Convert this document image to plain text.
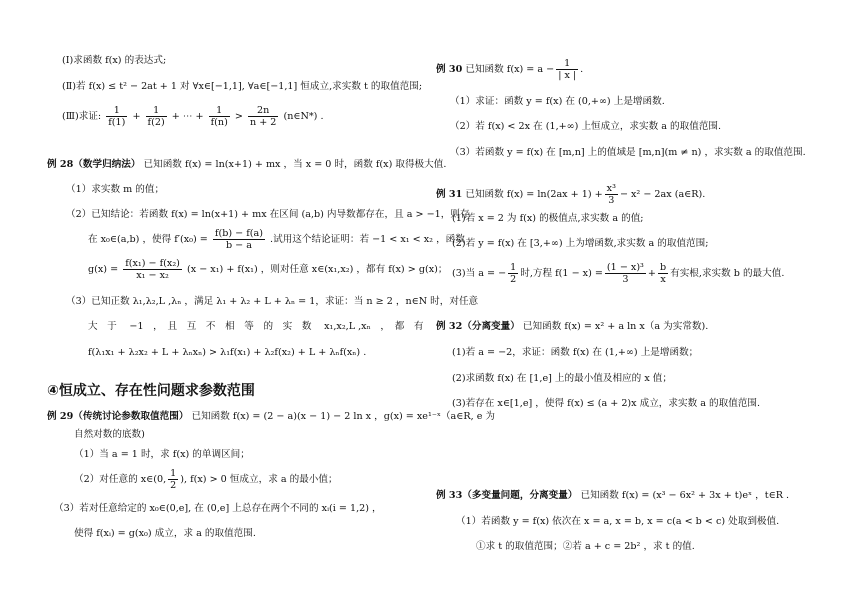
(Ⅰ)求函数 f(x) 的表达式;
(Ⅱ)若 f(x) ≤ t² − 2at + 1 对 ∀x∈[−1,1], ∀a∈[−1,1] 恒成立,求实数 t 的取值范围;
(Ⅲ)求证: $\frac{1}{f(1)} + \frac{1}{f(2)}$ + ⋯ + $\frac{1}{f(n)} > \frac{2n}{n + 2}$ (n∈N*) .
例 28（数学归纳法） 已知函数 f(x) = ln(x+1) + mx ，当 x = 0 时，函数 f(x) 取得极大值.
（1）求实数 m 的值；
（2）已知结论：若函数 f(x) = ln(x+1) + mx 在区间 (a,b) 内导数都存在，且 a > −1，则存
在 x₀∈(a,b) ，使得 $f'(x_0) = \frac{f(b) - f(a)}{b - a}$ .试用这个结论证明：若 −1 < x₁ < x₂ ，函数
$g(x) = \frac{\text{f(x₁) − f(x₂)}}{\text{x₁ − x₂}} (x - x_1) + f(x_1)$ ，则对任意 x∈(x₁,x₂) ，都有 f(x) > g(x)；
（3）已知正数 λ₁,λ₂,L ,λₙ ，满足 λ₁ + λ₂ + L + λₙ = 1，求证：当 n ≥ 2 ，n∈N 时，对任意
大　于　 −1　，　且　互　不　相　等　的　实　数　 x₁,x₂,L ,xₙ　，　都　有
f(λ₁x₁ + λ₂x₂ + L + λₙxₙ) > λ₁f(x₁) + λ₂f(x₂) + L + λₙf(xₙ) .
④恒成立、存在性问题求参数范围
例 29（传统讨论参数取值范围） 已知函数 f(x) = (2 − a)(x − 1) − 2 ln x ，g(x) = xe¹⁻ˣ（a∈R, e 为
自然对数的底数)
（1）当 a = 1 时，求 f(x) 的单调区间；
（2）对任意的 x∈(0, $\frac{1}{2}$ ), f(x) > 0 恒成立，求 a 的最小值；
（3）若对任意给定的 x₀∈(0,e], 在 (0,e] 上总存在两个不同的 xᵢ(i = 1,2) ，
使得 f(xᵢ) = g(x₀) 成立，求 a 的取值范围.
例 30 已知函数 $f(x) = a - \frac{1}{| x |}$ .
（1）求证：函数 y = f(x) 在 (0,+∞) 上是增函数.
（2）若 f(x) < 2x 在 (1,+∞) 上恒成立，求实数 a 的取值范围.
（3）若函数 y = f(x) 在 [m,n] 上的值域是 [m,n](m ≠ n) ，求实数 a 的取值范围.
例 31 已知函数 $f(x) = \ln(2ax + 1) + \frac{\text{x³}}{3} - x^2 - 2ax$ (a∈R).
(1)若 x = 2 为 f(x) 的极值点,求实数 a 的值;
(2)若 y = f(x) 在 [3,+∞) 上为增函数,求实数 a 的取值范围;
(3)当 a = − $\frac{1}{2}$ 时,方程 $f(1 - x) = \frac{\text{(1 − x)³}}{3} + \frac{b}{x}$ 有实根,求实数 b 的最大值.
例 32（分离变量） 已知函数 f(x) = x² + a ln x（a 为实常数).
(1)若 a = −2，求证：函数 f(x) 在 (1,+∞) 上是增函数；
(2)求函数 f(x) 在 [1,e] 上的最小值及相应的 x 值；
(3)若存在 x∈[1,e] ，使得 f(x) ≤ (a + 2)x 成立，求实数 a 的取值范围.
例 33（多变量问题，分离变量） 已知函数 f(x) = (x³ − 6x² + 3x + t)eˣ ，t∈R .
（1）若函数 y = f(x) 依次在 x = a, x = b, x = c(a < b < c) 处取到极值.
①求 t 的取值范围；②若 a + c = 2b² ，求 t 的值.
